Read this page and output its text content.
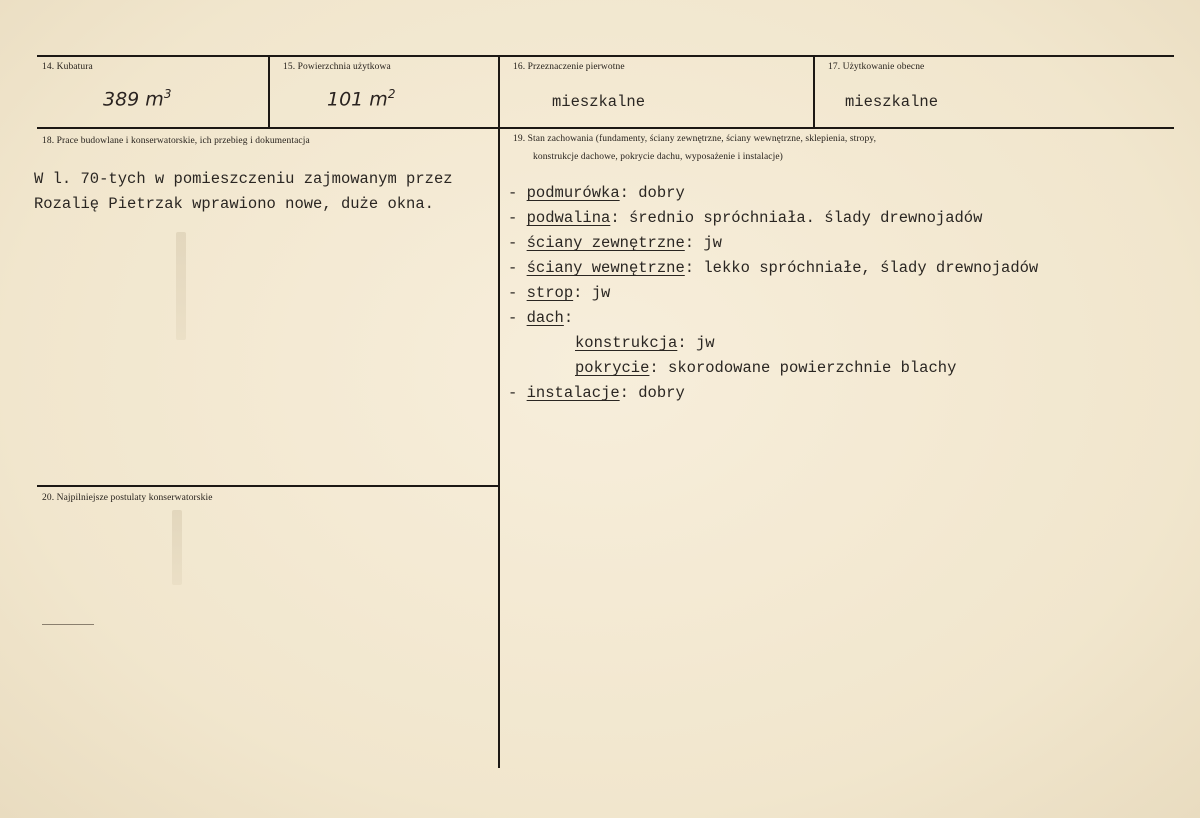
14. Kubatura
389 $m^3$
15. Powierzchnia użytkowa
101 $m^2$
16. Przeznaczenie pierwotne
mieszkalne
17. Użytkowanie obecne
mieszkalne
18. Prace budowlane i konserwatorskie, ich przebieg i dokumentacja
W l. 70-tych w pomieszczeniu zajmowanym przez
Rozalię Pietrzak wprawiono nowe, duże okna.
19. Stan zachowania (fundamenty, ściany zewnętrzne, ściany wewnętrzne, sklepienia, stropy,
konstrukcje dachowe, pokrycie dachu, wyposażenie i instalacje)
- podmurówka: dobry
- podwalina: średnio spróchniała. ślady drewnojadów
- ściany zewnętrzne: jw
- ściany wewnętrzne: lekko spróchniałe, ślady drewnojadów
- strop: jw
- dach:
konstrukcja: jw
pokrycie: skorodowane powierzchnie blachy
- instalacje: dobry
20. Najpilniejsze postulaty konserwatorskie
